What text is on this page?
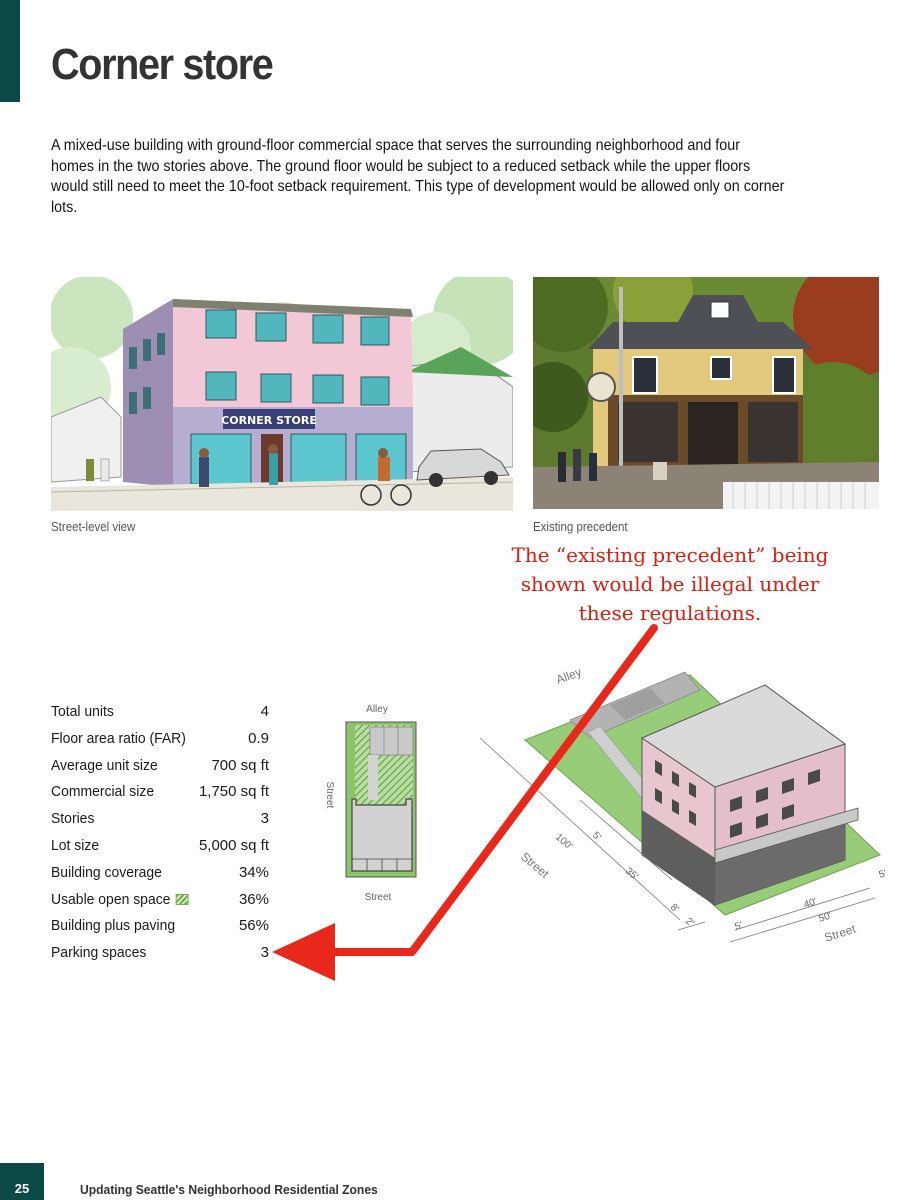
Corner store

A mixed-use building with ground-floor commercial space that serves the surrounding neighborhood and four homes in the two stories above. The ground floor would be subject to a reduced setback while the upper floors would still need to meet the 10-foot setback requirement. This type of development would be allowed only on corner lots.

CORNER STORE
Street-level view	Existing precedent
The “existing precedent” being shown would be illegal under these regulations.
Total units	4
Floor area ratio (FAR)	0.9
Average unit size	700 sq ft
Commercial size	1,750 sq ft
Stories	3
Lot size	5,000 sq ft
Building coverage	34%
Usable open space	36%
Building plus paving	56%
Parking spaces	3
Alley
Street
Street
Alley
Street
Street
100' 5'
35'
8'
2'	5'
40'
50'
5'
25	Updating Seattle's Neighborhood Residential Zones
